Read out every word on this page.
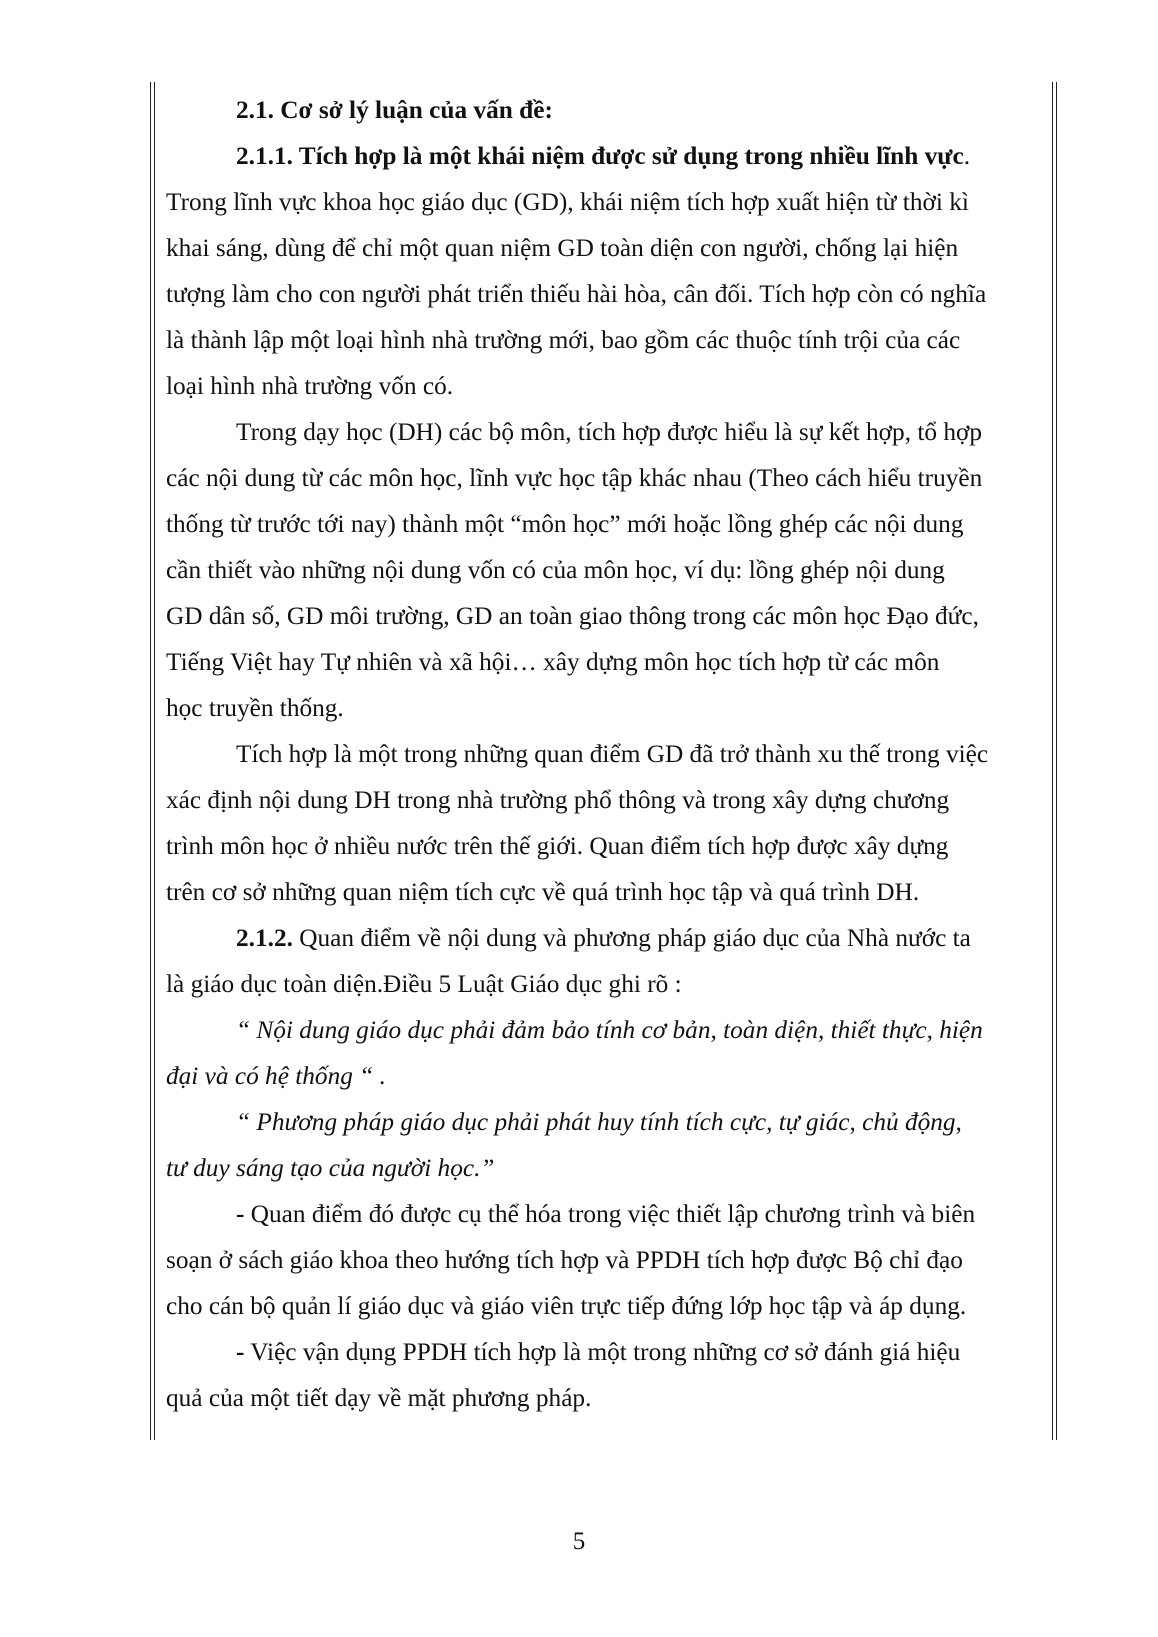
2.1. Cơ sở lý luận của vấn đề:
2.1.1. Tích hợp là một khái niệm được sử dụng trong nhiều lĩnh vực.
Trong lĩnh vực khoa học giáo dục (GD), khái niệm tích hợp xuất hiện từ thời kì
khai sáng, dùng để chỉ một quan niệm GD toàn diện con người, chống lại hiện
tượng làm cho con người phát triển thiếu hài hòa, cân đối. Tích hợp còn có nghĩa
là thành lập một loại hình nhà trường mới, bao gồm các thuộc tính trội của các
loại hình nhà trường vốn có.
Trong dạy học (DH) các bộ môn, tích hợp được hiểu là sự kết hợp, tổ hợp
các nội dung từ các môn học, lĩnh vực học tập khác nhau (Theo cách hiểu truyền
thống từ trước tới nay) thành một “môn học” mới hoặc lồng ghép các nội dung
cần thiết vào những nội dung vốn có của môn học, ví dụ: lồng ghép nội dung
GD dân số, GD môi trường, GD an toàn giao thông trong các môn học Đạo đức,
Tiếng Việt hay Tự nhiên và xã hội… xây dựng môn học tích hợp từ các môn
học truyền thống.
Tích hợp là một trong những quan điểm GD đã trở thành xu thế trong việc
xác định nội dung DH trong nhà trường phổ thông và trong xây dựng chương
trình môn học ở nhiều nước trên thế giới. Quan điểm tích hợp được xây dựng
trên cơ sở những quan niệm tích cực về quá trình học tập và quá trình DH.
2.1.2. Quan điểm về nội dung và phương pháp giáo dục của Nhà nước ta
là giáo dục toàn diện.Điều 5 Luật Giáo dục ghi rõ :
“ Nội dung giáo dục phải đảm bảo tính cơ bản, toàn diện, thiết thực, hiện
đại và có hệ thống “ .
“ Phương pháp giáo dục phải phát huy tính tích cực, tự giác, chủ động,
tư duy sáng tạo của người học.”
- Quan điểm đó được cụ thể hóa trong việc thiết lập chương trình và biên
soạn ở sách giáo khoa theo hướng tích hợp và PPDH tích hợp được Bộ chỉ đạo
cho cán bộ quản lí giáo dục và giáo viên trực tiếp đứng lớp học tập và áp dụng.
- Việc vận dụng PPDH tích hợp là một trong những cơ sở đánh giá hiệu
quả của một tiết dạy về mặt phương pháp.
5
